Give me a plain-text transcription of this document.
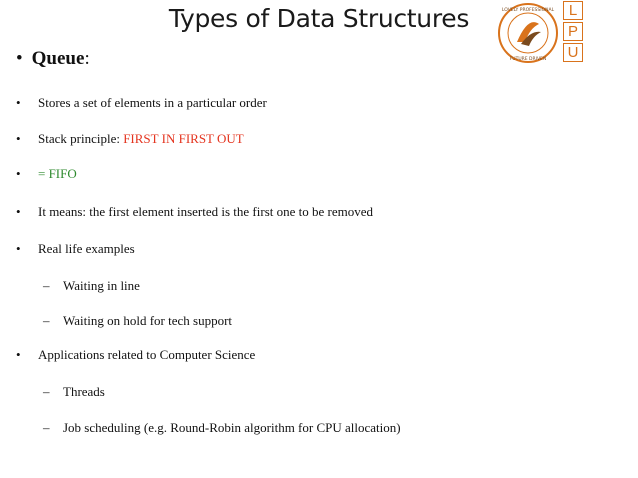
Types of Data Structures	LOVELY PROFESSIONAL
FUTURE DRIVEN
L
P
U
• Queue:
• Stores a set of elements in a particular order
• Stack principle: FIRST IN FIRST OUT
• = FIFO
• It means: the first element inserted is the first one to be removed
• Real life examples
– Waiting in line
– Waiting on hold for tech support
• Applications related to Computer Science
– Threads
– Job scheduling (e.g. Round-Robin algorithm for CPU allocation)
